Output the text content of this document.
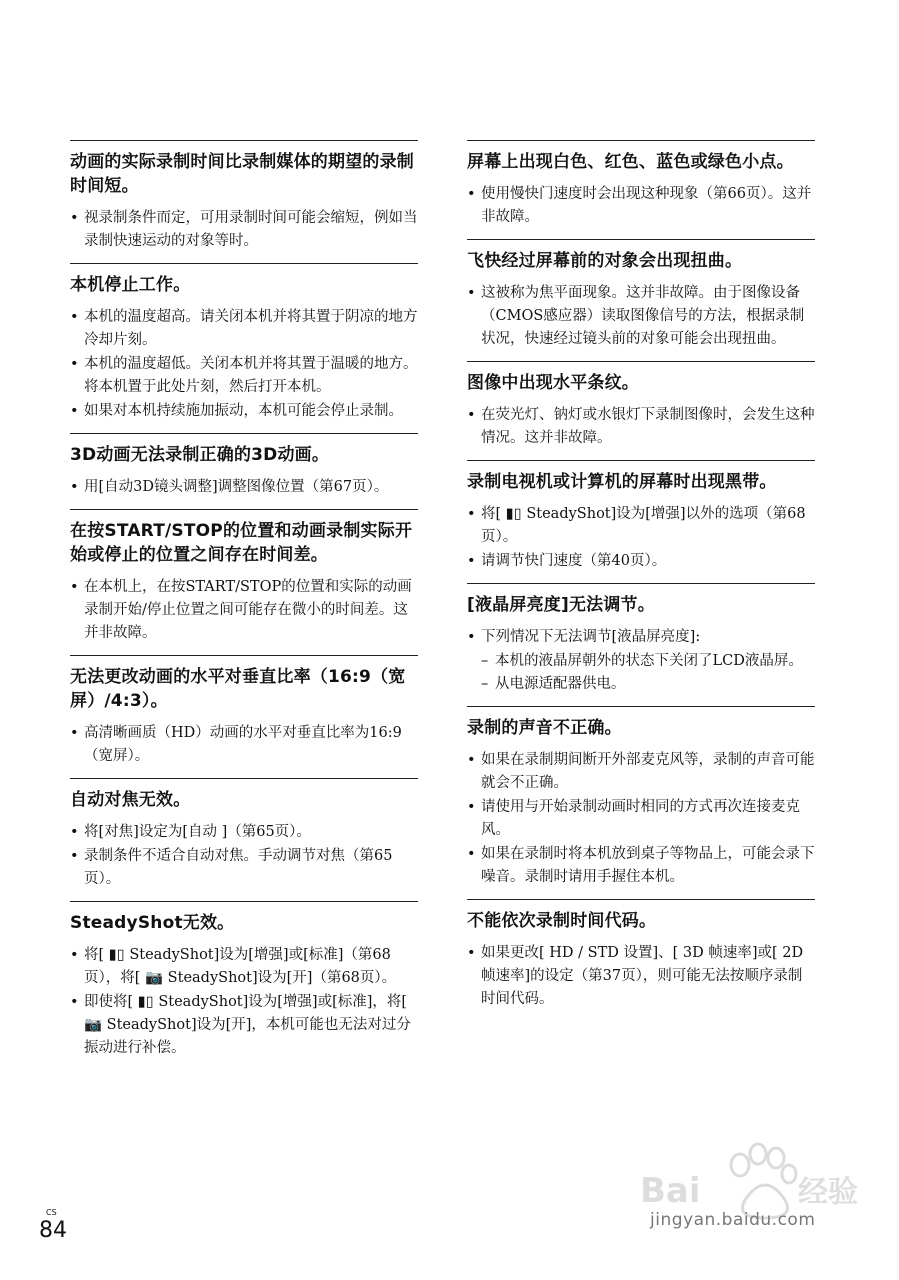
动画的实际录制时间比录制媒体的期望的录制时间短。
• 视录制条件而定，可用录制时间可能会缩短，例如当录制快速运动的对象等时。
本机停止工作。
• 本机的温度超高。请关闭本机并将其置于阴凉的地方冷却片刻。
• 本机的温度超低。关闭本机并将其置于温暖的地方。将本机置于此处片刻，然后打开本机。
• 如果对本机持续施加振动，本机可能会停止录制。
3D动画无法录制正确的3D动画。
• 用[自动3D镜头调整]调整图像位置（第67页）。
在按START/STOP的位置和动画录制实际开始或停止的位置之间存在时间差。
• 在本机上，在按START/STOP的位置和实际的动画录制开始/停止位置之间可能存在微小的时间差。这并非故障。
无法更改动画的水平对垂直比率（16:9（宽屏）/4:3）。
• 高清晰画质（HD）动画的水平对垂直比率为16:9（宽屏）。
自动对焦无效。
• 将[对焦]设定为[自动 ]（第65页）。
• 录制条件不适合自动对焦。手动调节对焦（第65页）。
SteadyShot无效。
• 将[ ▮▯ SteadyShot]设为[增强]或[标准]（第68页），将[ 📷 SteadyShot]设为[开]（第68页）。
• 即使将[ ▮▯ SteadyShot]设为[增强]或[标准]，将[ 📷 SteadyShot]设为[开]，本机可能也无法对过分振动进行补偿。
屏幕上出现白色、红色、蓝色或绿色小点。
• 使用慢快门速度时会出现这种现象（第66页）。这并非故障。
飞快经过屏幕前的对象会出现扭曲。
• 这被称为焦平面现象。这并非故障。由于图像设备（CMOS感应器）读取图像信号的方法，根据录制状况，快速经过镜头前的对象可能会出现扭曲。
图像中出现水平条纹。
• 在荧光灯、钠灯或水银灯下录制图像时，会发生这种情况。这并非故障。
录制电视机或计算机的屏幕时出现黑带。
• 将[ ▮▯ SteadyShot]设为[增强]以外的选项（第68页）。
• 请调节快门速度（第40页）。
[液晶屏亮度]无法调节。
• 下列情况下无法调节[液晶屏亮度]:
– 本机的液晶屏朝外的状态下关闭了LCD液晶屏。
– 从电源适配器供电。
录制的声音不正确。
• 如果在录制期间断开外部麦克风等，录制的声音可能就会不正确。
• 请使用与开始录制动画时相同的方式再次连接麦克风。
• 如果在录制时将本机放到桌子等物品上，可能会录下噪音。录制时请用手握住本机。
不能依次录制时间代码。
• 如果更改[ HD / STD 设置]、[ 3D 帧速率]或[ 2D 帧速率]的设定（第37页），则可能无法按顺序录制时间代码。
CS
84
Bai	经验
jingyan.baidu.com
